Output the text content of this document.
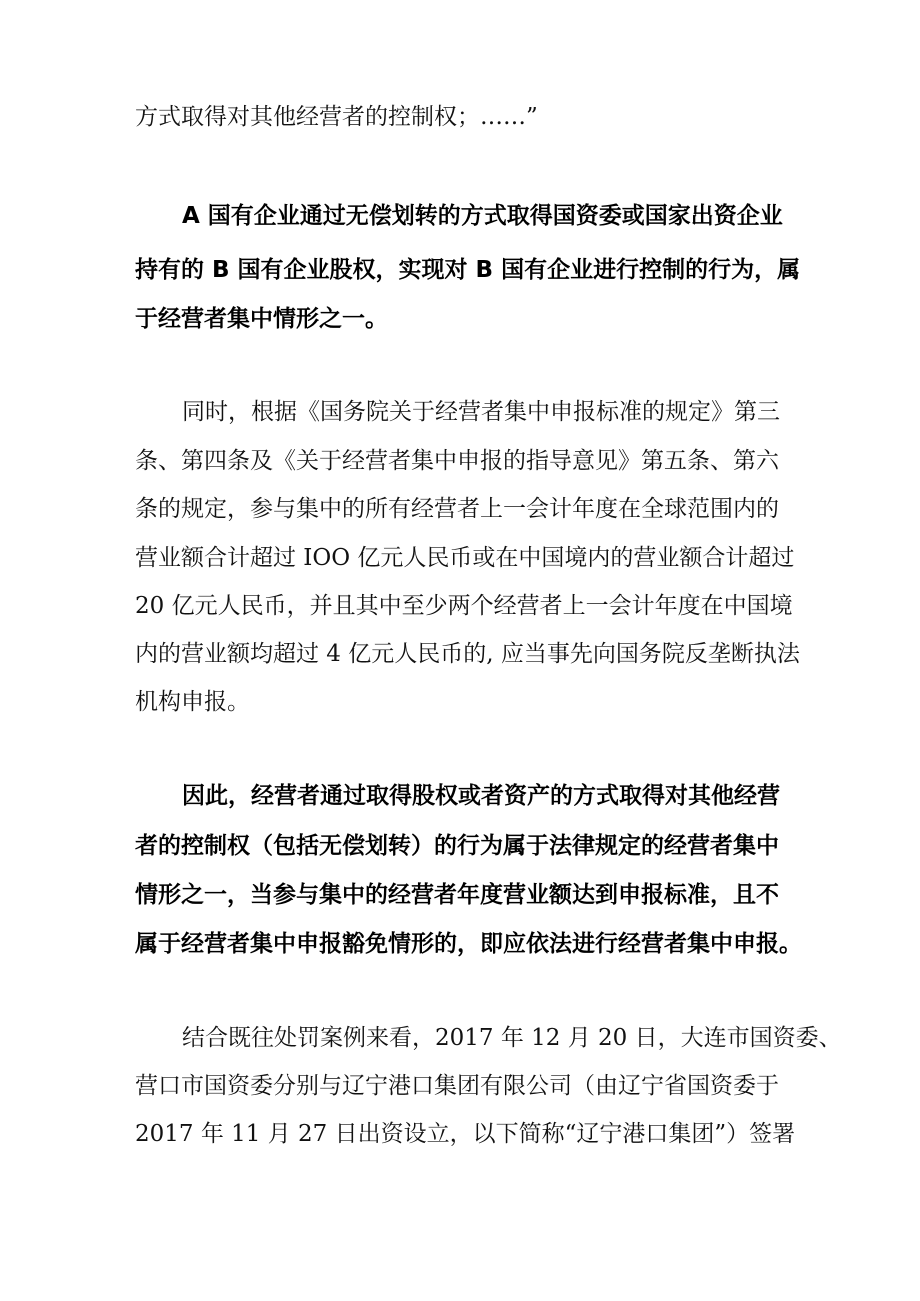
方式取得对其他经营者的控制权；……”
A 国有企业通过无偿划转的方式取得国资委或国家出资企业
持有的 B 国有企业股权，实现对 B 国有企业进行控制的行为，属
于经营者集中情形之一。
同时，根据《国务院关于经营者集中申报标准的规定》第三
条、第四条及《关于经营者集中申报的指导意见》第五条、第六
条的规定，参与集中的所有经营者上一会计年度在全球范围内的
营业额合计超过 IOO 亿元人民币或在中国境内的营业额合计超过
20 亿元人民币，并且其中至少两个经营者上一会计年度在中国境
内的营业额均超过 4 亿元人民币的, 应当事先向国务院反垄断执法
机构申报。
因此，经营者通过取得股权或者资产的方式取得对其他经营
者的控制权（包括无偿划转）的行为属于法律规定的经营者集中
情形之一，当参与集中的经营者年度营业额达到申报标准，且不
属于经营者集中申报豁免情形的，即应依法进行经营者集中申报。
结合既往处罚案例来看，2017 年 12 月 20 日，大连市国资委、
营口市国资委分别与辽宁港口集团有限公司（由辽宁省国资委于
2017 年 11 月 27 日出资设立，以下简称“辽宁港口集团”）签署
